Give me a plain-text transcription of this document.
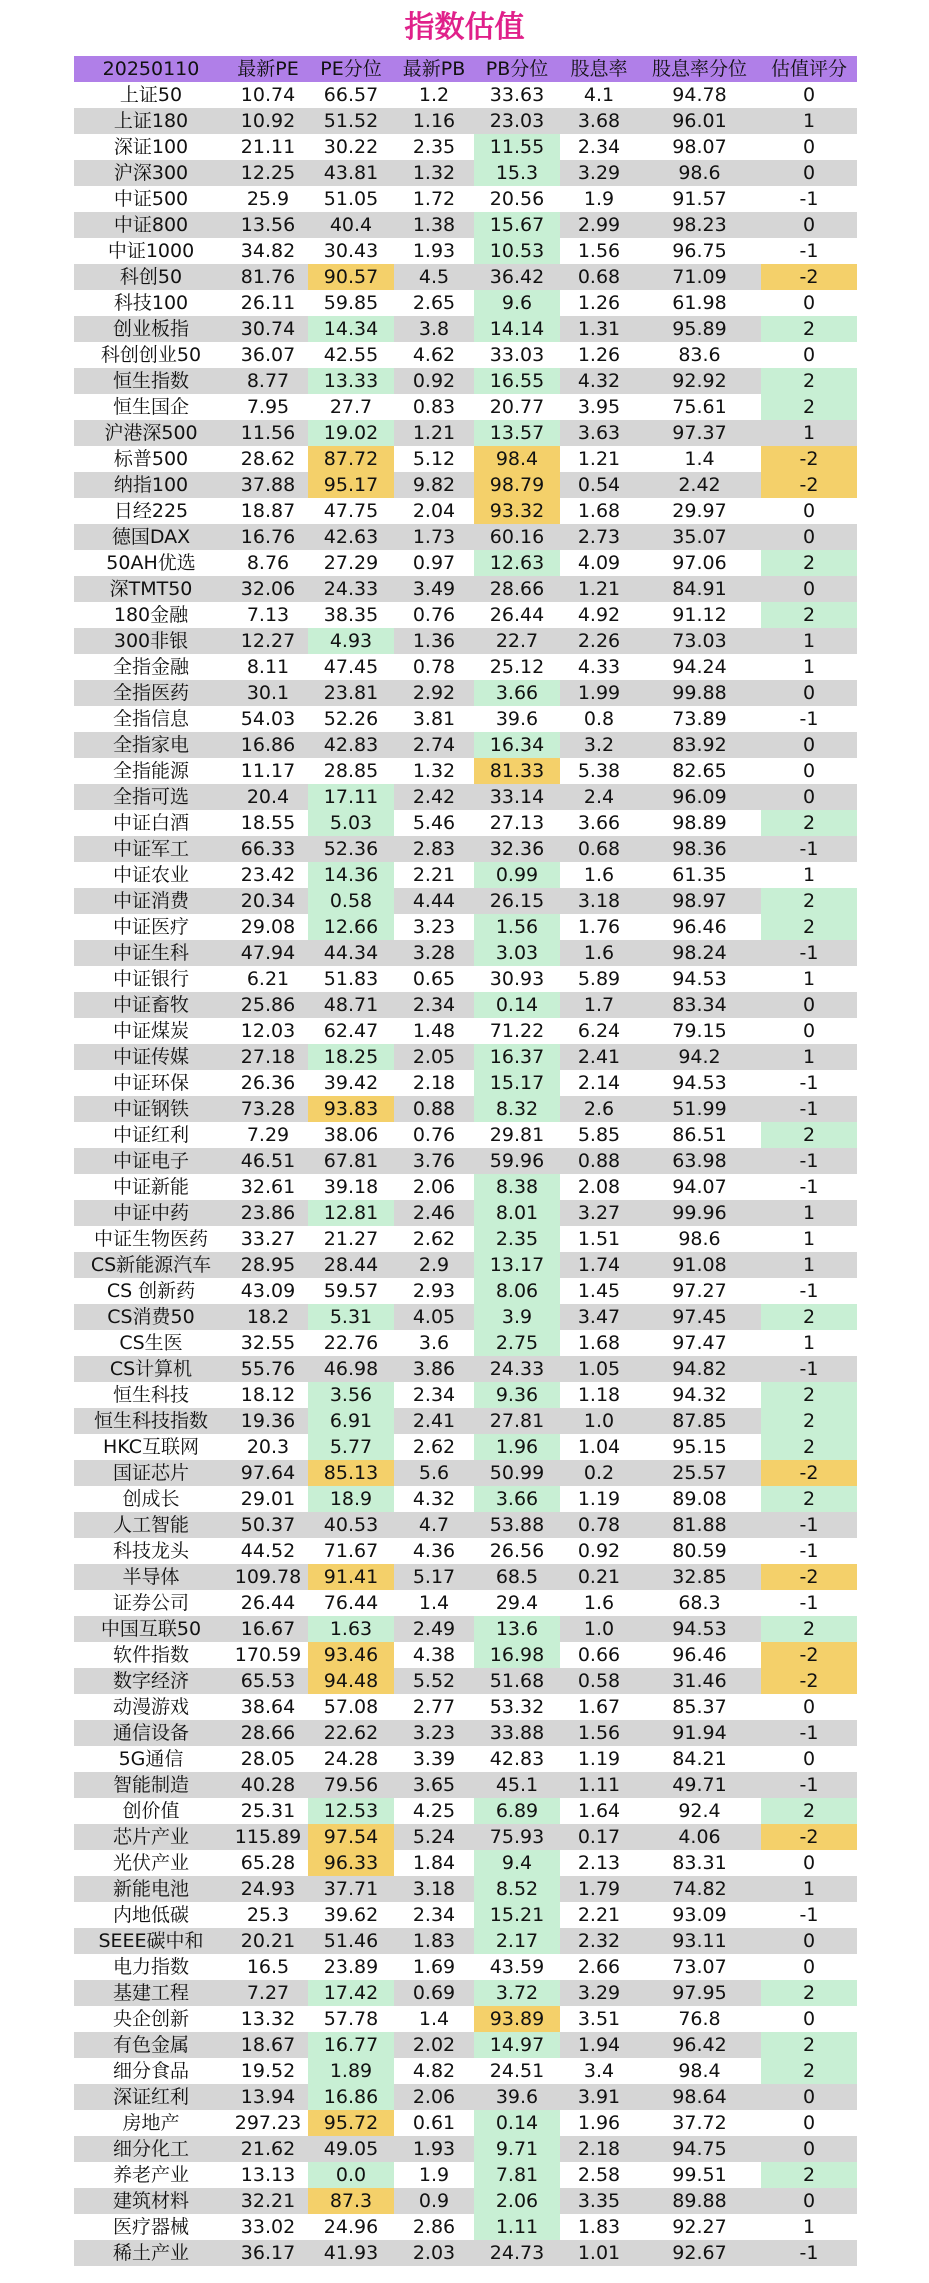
指数估值
20250110	最新PE	PE分位	最新PB	PB分位	股息率	股息率分位	估值评分
上证50	10.74	66.57	1.2	33.63	4.1	94.78	0
上证180	10.92	51.52	1.16	23.03	3.68	96.01	1
深证100	21.11	30.22	2.35	11.55	2.34	98.07	0
沪深300	12.25	43.81	1.32	15.3	3.29	98.6	0
中证500	25.9	51.05	1.72	20.56	1.9	91.57	-1
中证800	13.56	40.4	1.38	15.67	2.99	98.23	0
中证1000	34.82	30.43	1.93	10.53	1.56	96.75	-1
科创50	81.76	90.57	4.5	36.42	0.68	71.09	-2
科技100	26.11	59.85	2.65	9.6	1.26	61.98	0
创业板指	30.74	14.34	3.8	14.14	1.31	95.89	2
科创创业50	36.07	42.55	4.62	33.03	1.26	83.6	0
恒生指数	8.77	13.33	0.92	16.55	4.32	92.92	2
恒生国企	7.95	27.7	0.83	20.77	3.95	75.61	2
沪港深500	11.56	19.02	1.21	13.57	3.63	97.37	1
标普500	28.62	87.72	5.12	98.4	1.21	1.4	-2
纳指100	37.88	95.17	9.82	98.79	0.54	2.42	-2
日经225	18.87	47.75	2.04	93.32	1.68	29.97	0
德国DAX	16.76	42.63	1.73	60.16	2.73	35.07	0
50AH优选	8.76	27.29	0.97	12.63	4.09	97.06	2
深TMT50	32.06	24.33	3.49	28.66	1.21	84.91	0
180金融	7.13	38.35	0.76	26.44	4.92	91.12	2
300非银	12.27	4.93	1.36	22.7	2.26	73.03	1
全指金融	8.11	47.45	0.78	25.12	4.33	94.24	1
全指医药	30.1	23.81	2.92	3.66	1.99	99.88	0
全指信息	54.03	52.26	3.81	39.6	0.8	73.89	-1
全指家电	16.86	42.83	2.74	16.34	3.2	83.92	0
全指能源	11.17	28.85	1.32	81.33	5.38	82.65	0
全指可选	20.4	17.11	2.42	33.14	2.4	96.09	0
中证白酒	18.55	5.03	5.46	27.13	3.66	98.89	2
中证军工	66.33	52.36	2.83	32.36	0.68	98.36	-1
中证农业	23.42	14.36	2.21	0.99	1.6	61.35	1
中证消费	20.34	0.58	4.44	26.15	3.18	98.97	2
中证医疗	29.08	12.66	3.23	1.56	1.76	96.46	2
中证生科	47.94	44.34	3.28	3.03	1.6	98.24	-1
中证银行	6.21	51.83	0.65	30.93	5.89	94.53	1
中证畜牧	25.86	48.71	2.34	0.14	1.7	83.34	0
中证煤炭	12.03	62.47	1.48	71.22	6.24	79.15	0
中证传媒	27.18	18.25	2.05	16.37	2.41	94.2	1
中证环保	26.36	39.42	2.18	15.17	2.14	94.53	-1
中证钢铁	73.28	93.83	0.88	8.32	2.6	51.99	-1
中证红利	7.29	38.06	0.76	29.81	5.85	86.51	2
中证电子	46.51	67.81	3.76	59.96	0.88	63.98	-1
中证新能	32.61	39.18	2.06	8.38	2.08	94.07	-1
中证中药	23.86	12.81	2.46	8.01	3.27	99.96	1
中证生物医药	33.27	21.27	2.62	2.35	1.51	98.6	1
CS新能源汽车	28.95	28.44	2.9	13.17	1.74	91.08	1
CS 创新药	43.09	59.57	2.93	8.06	1.45	97.27	-1
CS消费50	18.2	5.31	4.05	3.9	3.47	97.45	2
CS生医	32.55	22.76	3.6	2.75	1.68	97.47	1
CS计算机	55.76	46.98	3.86	24.33	1.05	94.82	-1
恒生科技	18.12	3.56	2.34	9.36	1.18	94.32	2
恒生科技指数	19.36	6.91	2.41	27.81	1.0	87.85	2
HKC互联网	20.3	5.77	2.62	1.96	1.04	95.15	2
国证芯片	97.64	85.13	5.6	50.99	0.2	25.57	-2
创成长	29.01	18.9	4.32	3.66	1.19	89.08	2
人工智能	50.37	40.53	4.7	53.88	0.78	81.88	-1
科技龙头	44.52	71.67	4.36	26.56	0.92	80.59	-1
半导体	109.78	91.41	5.17	68.5	0.21	32.85	-2
证券公司	26.44	76.44	1.4	29.4	1.6	68.3	-1
中国互联50	16.67	1.63	2.49	13.6	1.0	94.53	2
软件指数	170.59	93.46	4.38	16.98	0.66	96.46	-2
数字经济	65.53	94.48	5.52	51.68	0.58	31.46	-2
动漫游戏	38.64	57.08	2.77	53.32	1.67	85.37	0
通信设备	28.66	22.62	3.23	33.88	1.56	91.94	-1
5G通信	28.05	24.28	3.39	42.83	1.19	84.21	0
智能制造	40.28	79.56	3.65	45.1	1.11	49.71	-1
创价值	25.31	12.53	4.25	6.89	1.64	92.4	2
芯片产业	115.89	97.54	5.24	75.93	0.17	4.06	-2
光伏产业	65.28	96.33	1.84	9.4	2.13	83.31	0
新能电池	24.93	37.71	3.18	8.52	1.79	74.82	1
内地低碳	25.3	39.62	2.34	15.21	2.21	93.09	-1
SEEE碳中和	20.21	51.46	1.83	2.17	2.32	93.11	0
电力指数	16.5	23.89	1.69	43.59	2.66	73.07	0
基建工程	7.27	17.42	0.69	3.72	3.29	97.95	2
央企创新	13.32	57.78	1.4	93.89	3.51	76.8	0
有色金属	18.67	16.77	2.02	14.97	1.94	96.42	2
细分食品	19.52	1.89	4.82	24.51	3.4	98.4	2
深证红利	13.94	16.86	2.06	39.6	3.91	98.64	0
房地产	297.23	95.72	0.61	0.14	1.96	37.72	0
细分化工	21.62	49.05	1.93	9.71	2.18	94.75	0
养老产业	13.13	0.0	1.9	7.81	2.58	99.51	2
建筑材料	32.21	87.3	0.9	2.06	3.35	89.88	0
医疗器械	33.02	24.96	2.86	1.11	1.83	92.27	1
稀土产业	36.17	41.93	2.03	24.73	1.01	92.67	-1
